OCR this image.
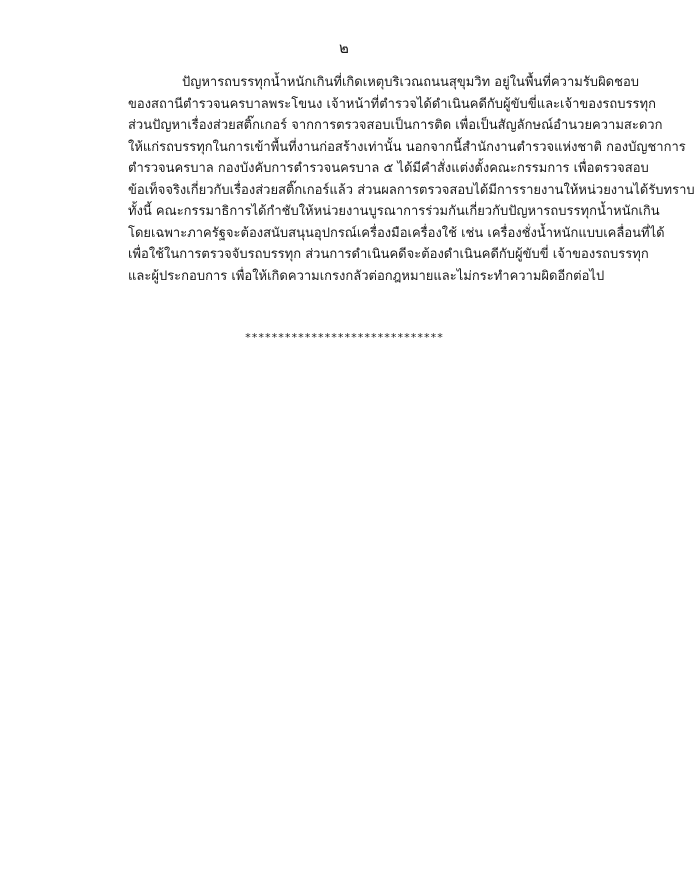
๒
ปัญหารถบรรทุกน้ำหนักเกินที่เกิดเหตุบริเวณถนนสุขุมวิท อยู่ในพื้นที่ความรับผิดชอบ
ของสถานีตำรวจนครบาลพระโขนง เจ้าหน้าที่ตำรวจได้ดำเนินคดีกับผู้ขับขี่และเจ้าของรถบรรทุก
ส่วนปัญหาเรื่องส่วยสติ๊กเกอร์ จากการตรวจสอบเป็นการติด เพื่อเป็นสัญลักษณ์อำนวยความสะดวก
ให้แก่รถบรรทุกในการเข้าพื้นที่งานก่อสร้างเท่านั้น นอกจากนี้สำนักงานตำรวจแห่งชาติ กองบัญชาการ
ตำรวจนครบาล กองบังคับการตำรวจนครบาล ๕ ได้มีคำสั่งแต่งตั้งคณะกรรมการ เพื่อตรวจสอบ
ข้อเท็จจริงเกี่ยวกับเรื่องส่วยสติ๊กเกอร์แล้ว ส่วนผลการตรวจสอบได้มีการรายงานให้หน่วยงานได้รับทราบ
ทั้งนี้ คณะกรรมาธิการได้กำชับให้หน่วยงานบูรณาการร่วมกันเกี่ยวกับปัญหารถบรรทุกน้ำหนักเกิน
โดยเฉพาะภาครัฐจะต้องสนับสนุนอุปกรณ์เครื่องมือเครื่องใช้ เช่น เครื่องชั่งน้ำหนักแบบเคลื่อนที่ได้
เพื่อใช้ในการตรวจจับรถบรรทุก ส่วนการดำเนินคดีจะต้องดำเนินคดีกับผู้ขับขี่ เจ้าของรถบรรทุก
และผู้ประกอบการ เพื่อให้เกิดความเกรงกลัวต่อกฎหมายและไม่กระทำความผิดอีกต่อไป
******************************
